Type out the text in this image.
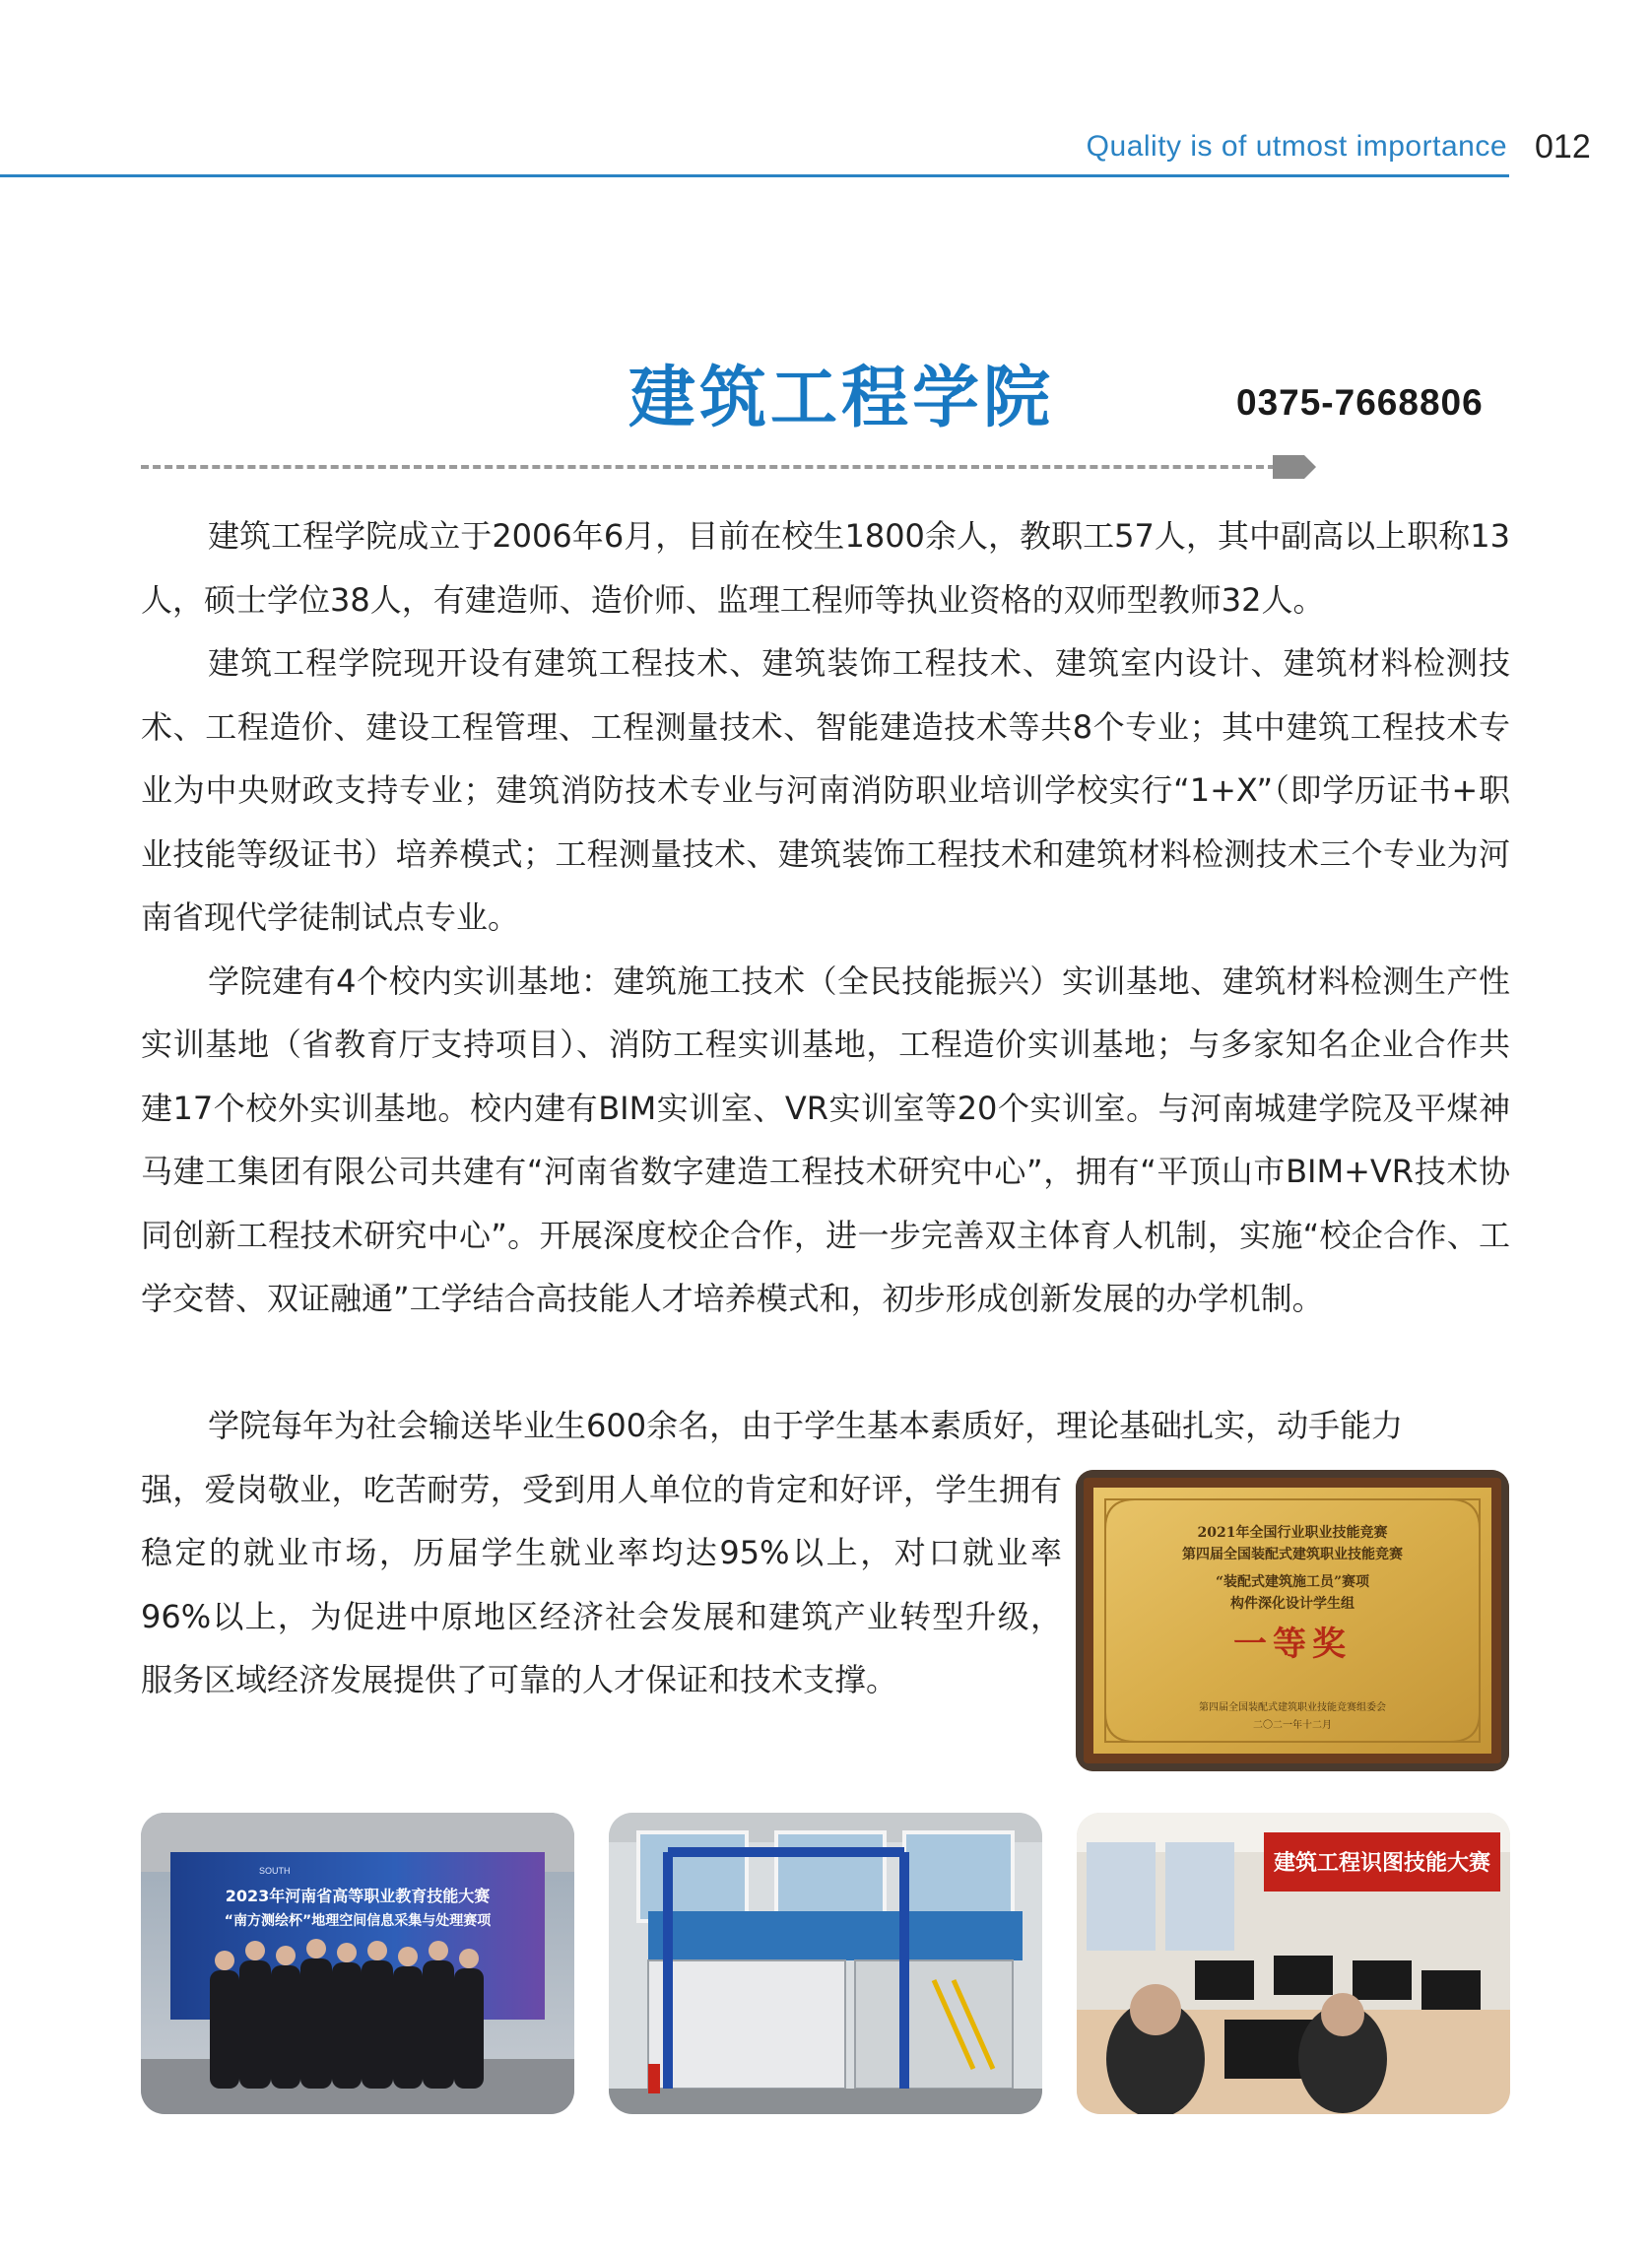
Quality is of utmost importance 012
建筑工程学院	0375-7668806

建筑工程学院成立于2006年6月，目前在校生1800余人，教职工57人，其中副高以上职称13人，硕士学位38人，有建造师、造价师、监理工程师等执业资格的双师型教师32人。

建筑工程学院现开设有建筑工程技术、建筑装饰工程技术、建筑室内设计、建筑材料检测技术、工程造价、建设工程管理、工程测量技术、智能建造技术等共8个专业；其中建筑工程技术专业为中央财政支持专业；建筑消防技术专业与河南消防职业培训学校实行“1+X”（即学历证书+职业技能等级证书）培养模式；工程测量技术、建筑装饰工程技术和建筑材料检测技术三个专业为河南省现代学徒制试点专业。

学院建有4个校内实训基地：建筑施工技术（全民技能振兴）实训基地、建筑材料检测生产性实训基地（省教育厅支持项目）、消防工程实训基地，工程造价实训基地；与多家知名企业合作共建17个校外实训基地。校内建有BIM实训室、VR实训室等20个实训室。与河南城建学院及平煤神马建工集团有限公司共建有“河南省数字建造工程技术研究中心”，拥有“平顶山市BIM+VR技术协同创新工程技术研究中心”。开展深度校企合作，进一步完善双主体育人机制，实施“校企合作、工学交替、双证融通”工学结合高技能人才培养模式和，初步形成创新发展的办学机制。

学院每年为社会输送毕业生600余名，由于学生基本素质好，理论基础扎实，动手能力

强，爱岗敬业，吃苦耐劳，受到用人单位的肯定和好评，学生拥有稳定的就业市场，历届学生就业率均达95%以上，对口就业率96%以上，为促进中原地区经济社会发展和建筑产业转型升级，服务区域经济发展提供了可靠的人才保证和技术支撑。

2021年全国行业职业技能竞赛
第四届全国装配式建筑职业技能竞赛
“装配式建筑施工员”赛项
构件深化设计学生组
一等奖
第四届全国装配式建筑职业技能竞赛组委会
二〇二一年十二月
SOUTH
2023年河南省高等职业教育技能大赛
“南方测绘杯”地理空间信息采集与处理赛项
建筑工程识图技能大赛
